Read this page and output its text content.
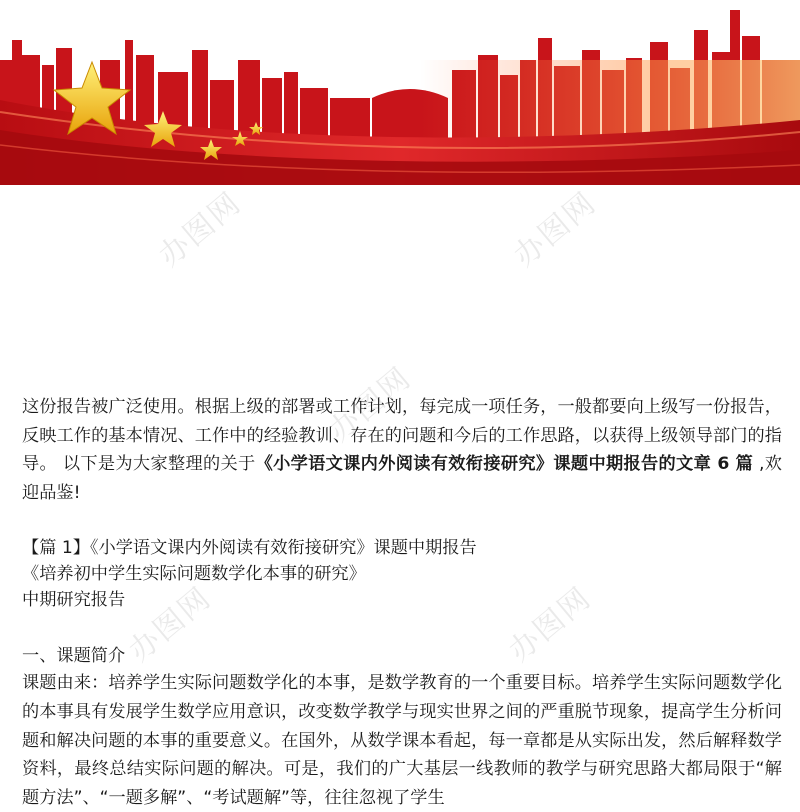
办图网	办图网
办图网
办图网	办图网

这份报告被广泛使用。根据上级的部署或工作计划，每完成一项任务，一般都要向上级写一份报告，反映工作的基本情况、工作中的经验教训、存在的问题和今后的工作思路，以获得上级领导部门的指导。 以下是为大家整理的关于《小学语文课内外阅读有效衔接研究》课题中期报告的文章 6 篇 ,欢迎品鉴!

【篇 1】《小学语文课内外阅读有效衔接研究》课题中期报告

《培养初中学生实际问题数学化本事的研究》

中期研究报告

一、课题简介

课题由来：培养学生实际问题数学化的本事，是数学教育的一个重要目标。培养学生实际问题数学化的本事具有发展学生数学应用意识，改变数学教学与现实世界之间的严重脱节现象，提高学生分析问题和解决问题的本事的重要意义。在国外，从数学课本看起，每一章都是从实际出发，然后解释数学资料，最终总结实际问题的解决。可是，我们的广大基层一线教师的教学与研究思路大都局限于“解题方法”、“一题多解”、“考试题解”等，往往忽视了学生
